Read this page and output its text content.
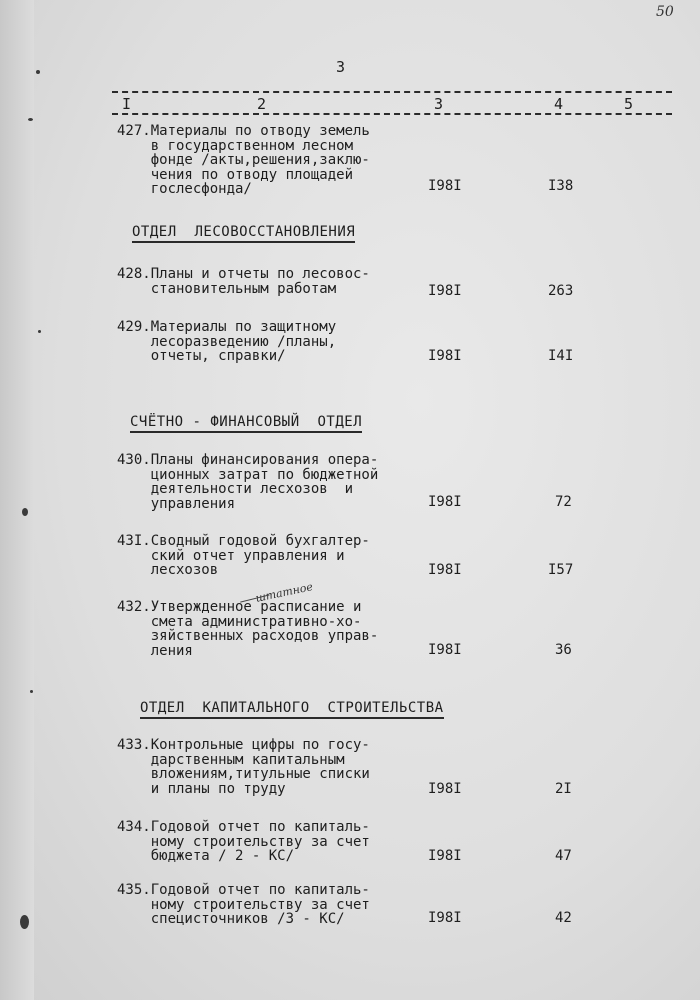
50
3
I	2	3	4	5
427.Материалы по отводу земель
в государственном лесном
фонде /акты,решения,заклю-
чения по отводу площадей
гослесфонда/	I98I	I38
ОТДЕЛ  ЛЕСОВОССТАНОВЛЕНИЯ
428.Планы и отчеты по лесовос-
становительным работам	I98I	263
429.Материалы по защитному
лесоразведению /планы,
отчеты, справки/	I98I	I4I
СЧЁТНО - ФИНАНСОВЫЙ  ОТДЕЛ
430.Планы финансирования опера-
ционных затрат по бюджетной
деятельности лесхозов  и
управления	I98I	72
43I.Сводный годовой бухгалтер-
ский отчет управления и
лесхозов	I98I	I57
штатное
432.Утвержденное расписание и
смета административно-хо-
зяйственных расходов управ-
ления	I98I	36
ОТДЕЛ  КАПИТАЛЬНОГО  СТРОИТЕЛЬСТВА
433.Контрольные цифры по госу-
дарственным капитальным
вложениям,титульные списки
и планы по труду	I98I	2I
434.Годовой отчет по капиталь-
ному строительству за счет
бюджета / 2 - КС/	I98I	47
435.Годовой отчет по капиталь-
ному строительству за счет
специсточников /3 - КС/	I98I	42
